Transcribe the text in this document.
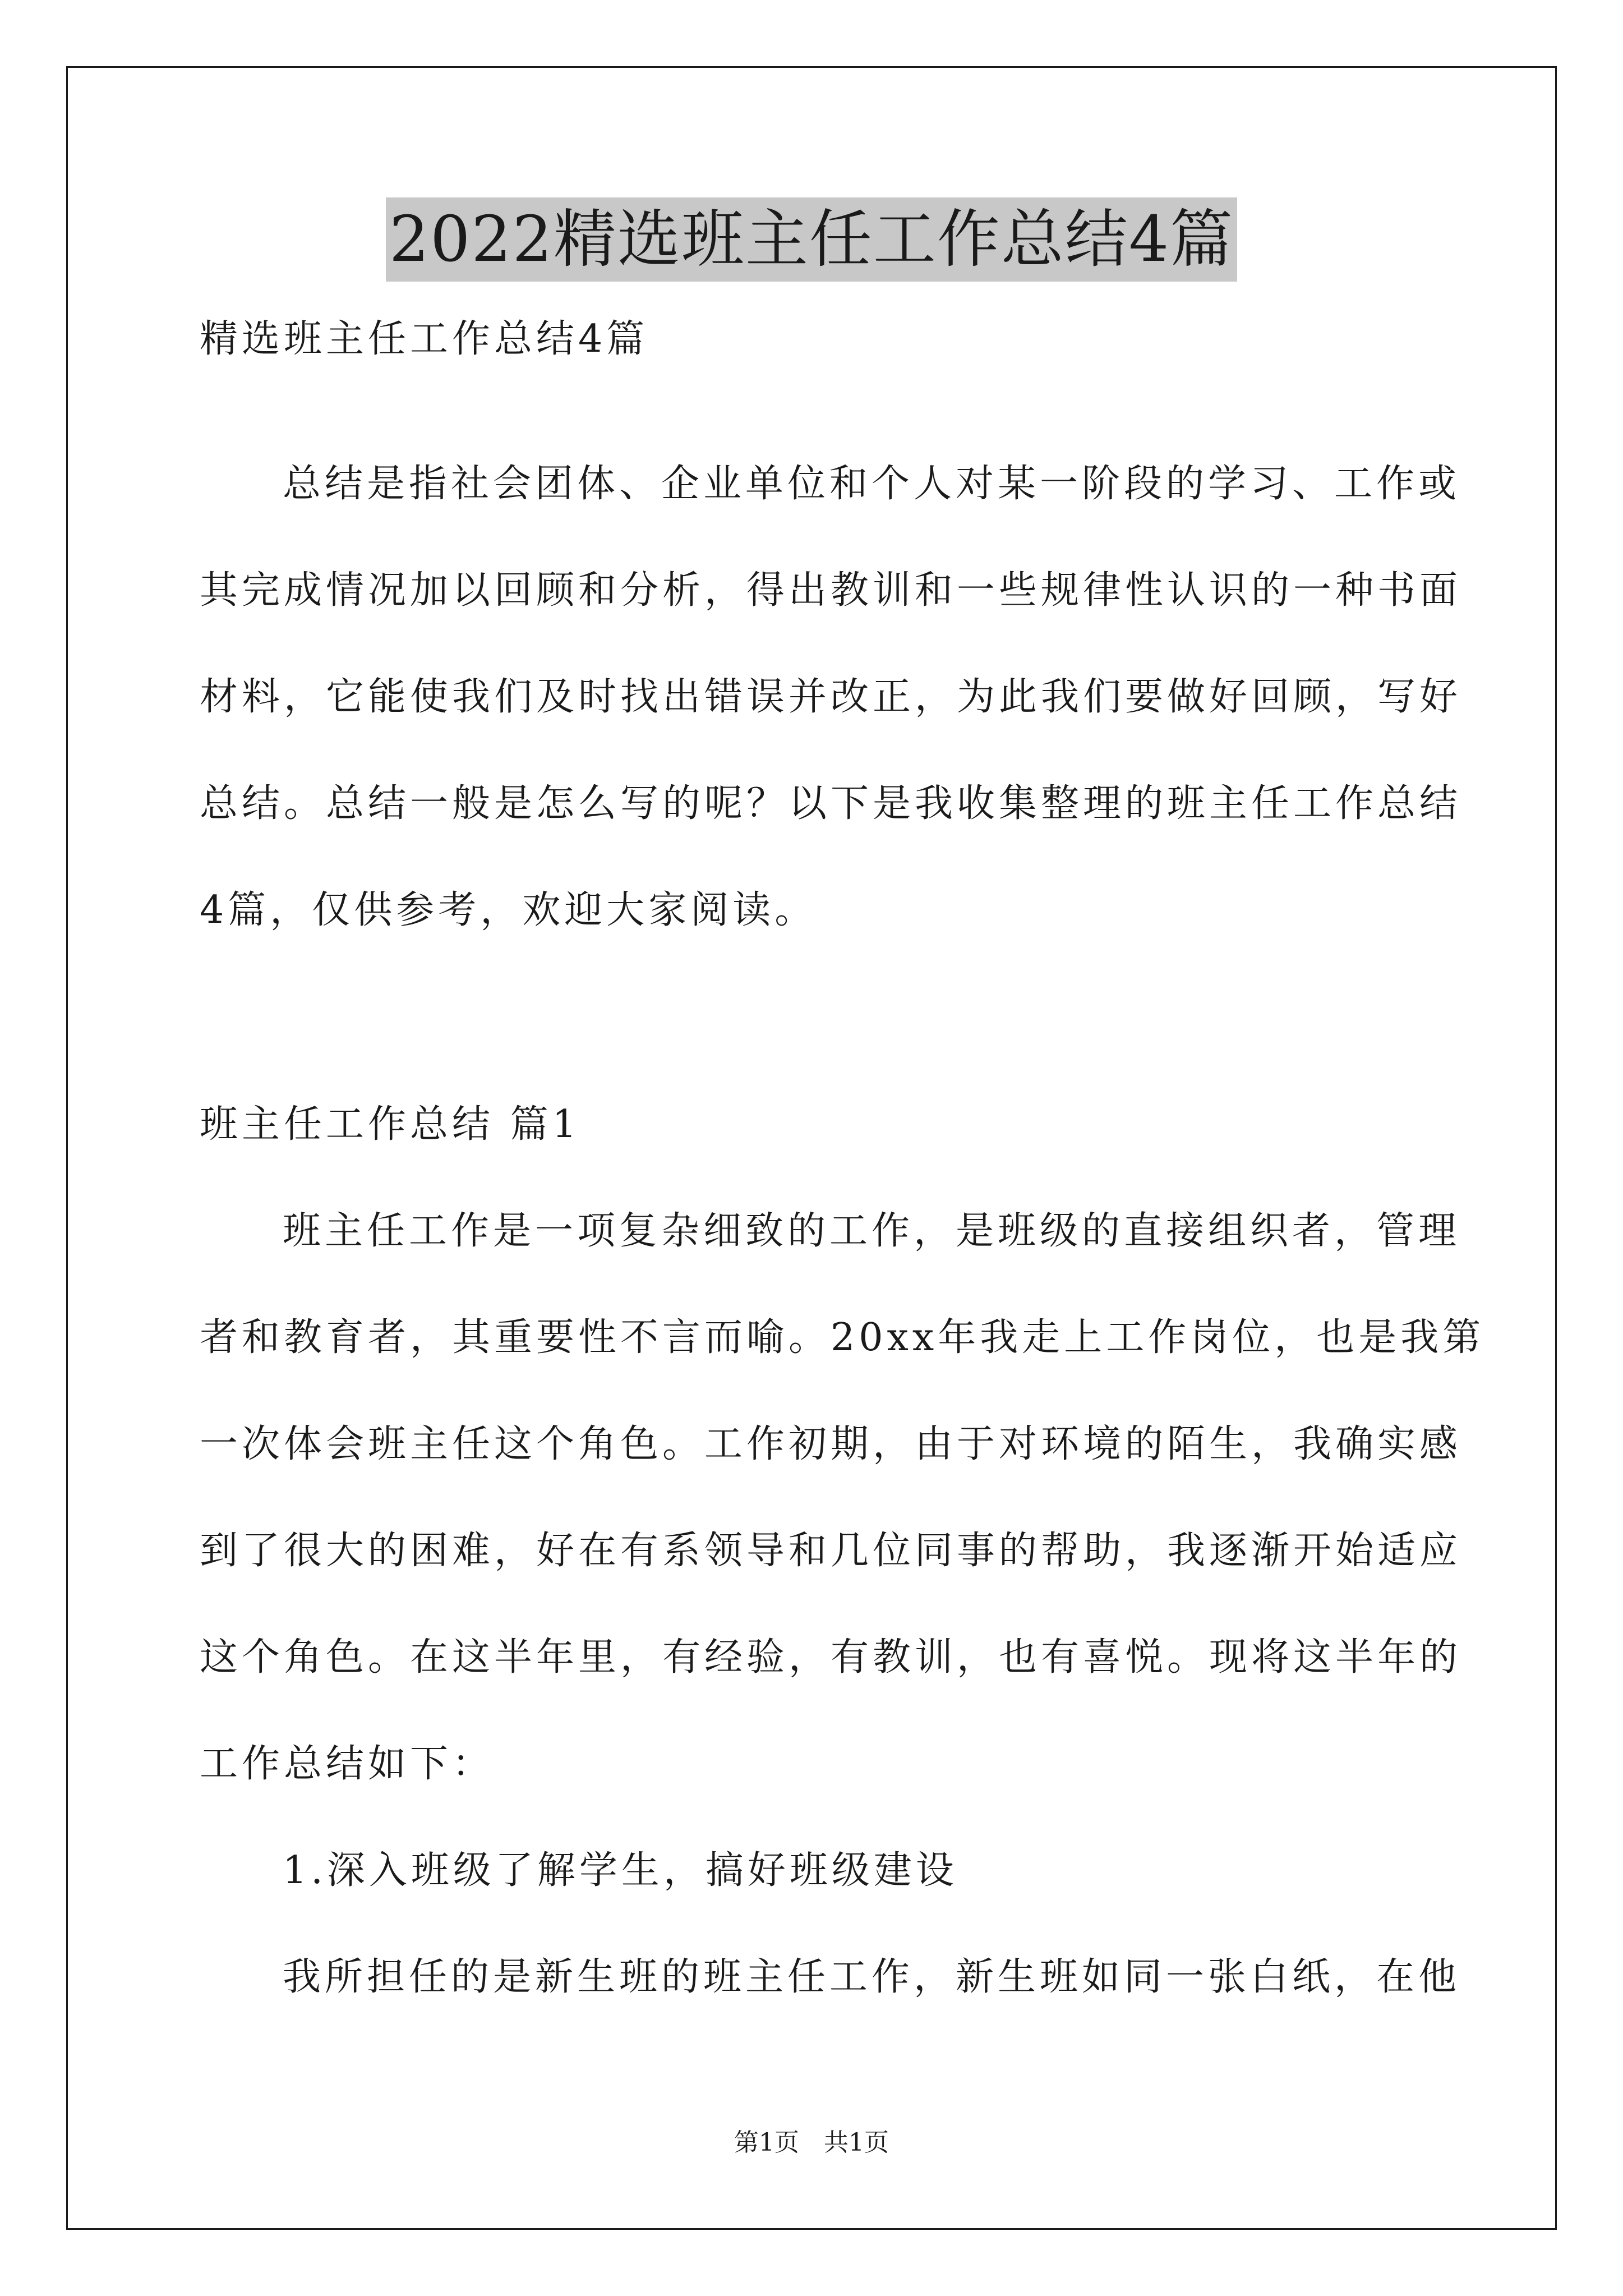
2022精选班主任工作总结4篇
精选班主任工作总结4篇
总结是指社会团体、企业单位和个人对某一阶段的学习、工作或
其完成情况加以回顾和分析，得出教训和一些规律性认识的一种书面
材料，它能使我们及时找出错误并改正，为此我们要做好回顾，写好
总结。总结一般是怎么写的呢？以下是我收集整理的班主任工作总结
4篇，仅供参考，欢迎大家阅读。
班主任工作总结 篇1
班主任工作是一项复杂细致的工作，是班级的直接组织者，管理
者和教育者，其重要性不言而喻。20xx年我走上工作岗位，也是我第
一次体会班主任这个角色。工作初期，由于对环境的陌生，我确实感
到了很大的困难，好在有系领导和几位同事的帮助，我逐渐开始适应
这个角色。在这半年里，有经验，有教训，也有喜悦。现将这半年的
工作总结如下：
1.深入班级了解学生，搞好班级建设
我所担任的是新生班的班主任工作，新生班如同一张白纸，在他
第1页　共1页
